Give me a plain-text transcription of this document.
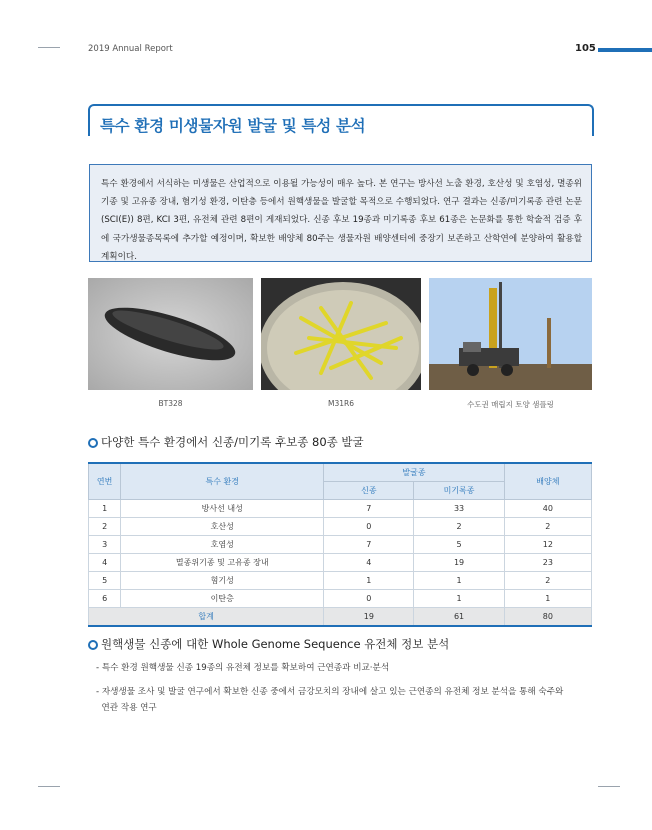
2019 Annual Report	105
특수 환경 미생물자원 발굴 및 특성 분석

특수 환경에서 서식하는 미생물은 산업적으로 이용될 가능성이 매우 높다. 본 연구는 방사선 노출 환경, 호산성 및 호염성, 멸종위기종 및 고유종 장내, 혐기성 환경, 이탄층 등에서 원핵생물을 발굴할 목적으로 수행되었다. 연구 결과는 신종/미기록종 관련 논문(SCI(E)) 8편, KCI 3편, 유전체 관련 8편이 게재되었다. 신종 후보 19종과 미기록종 후보 61종은 논문화를 통한 학술적 검증 후에 국가생물종목록에 추가할 예정이며, 확보한 배양체 80주는 생물자원 배양센터에 중장기 보존하고 산학연에 분양하여 활용할 계획이다.

BT328	M31R6	수도권 매립지 토양 샘플링
다양한 특수 환경에서 신종/미기록 후보종 80종 발굴
연번	특수 환경	발굴종		배양체
		신종	미기록종	
1	방사선 내성	7	33	40
2	호산성	0	2	2
3	호염성	7	5	12
4	멸종위기종 및 고유종 장내	4	19	23
5	혐기성	1	1	2
6	이탄층	0	1	1
합계		19	61	80
원핵생물 신종에 대한 Whole Genome Sequence 유전체 정보 분석
- 특수 환경 원핵생물 신종 19종의 유전체 정보를 확보하여 근연종과 비교·분석
- 자생생물 조사 및 발굴 연구에서 확보한 신종 중에서 금강모치의 장내에 살고 있는 근연종의 유전체 정보 분석을 통해 숙주와
연관 작용 연구
